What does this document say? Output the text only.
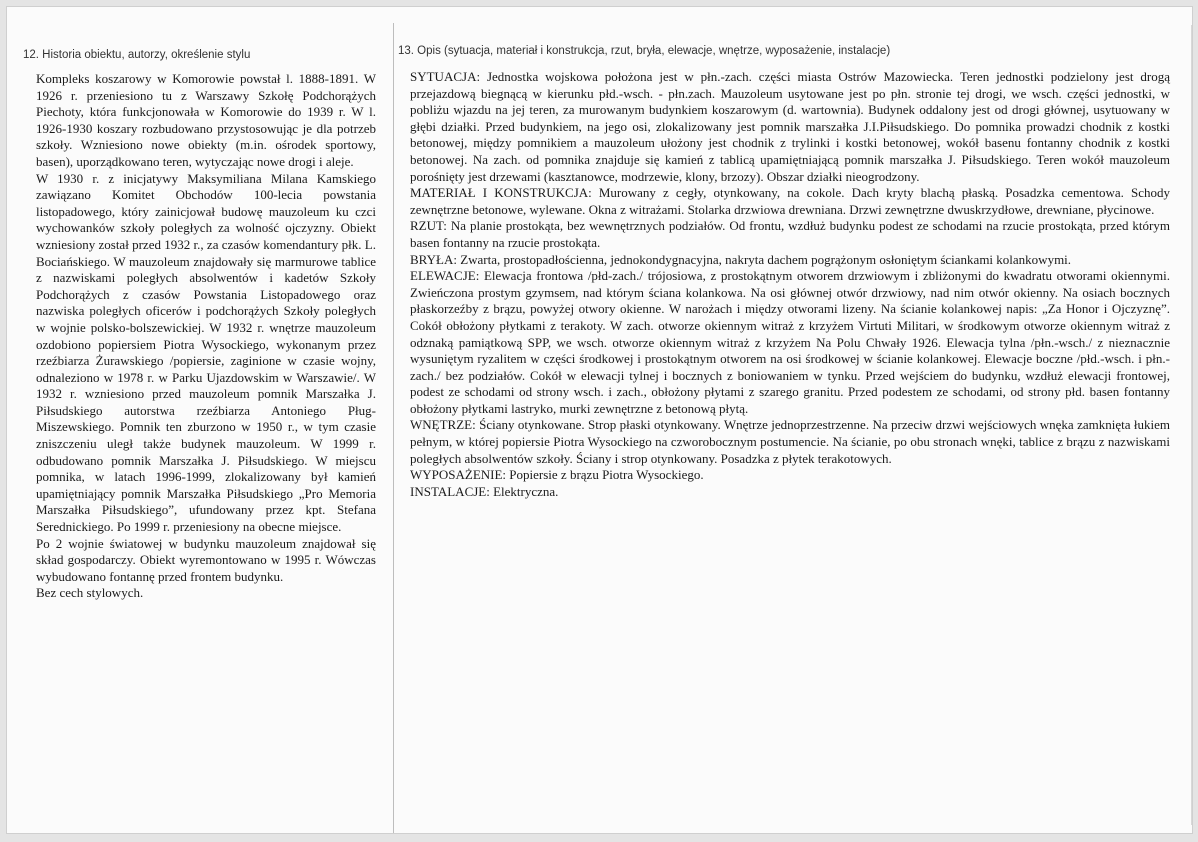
12. Historia obiektu, autorzy, określenie stylu	13. Opis (sytuacja, materiał i konstrukcja, rzut, bryła, elewacje, wnętrze, wyposażenie, instalacje)

Kompleks koszarowy w Komorowie powstał l. 1888-1891. W 1926 r. przeniesiono tu z Warszawy Szkołę Podchorążych Piechoty, która funkcjonowała w Komorowie do 1939 r. W l. 1926-1930 koszary rozbudowano przystosowując je dla potrzeb szkoły. Wzniesiono nowe obiekty (m.in. ośrodek sportowy, basen), uporządkowano teren, wytyczając nowe drogi i aleje.

W 1930 r. z inicjatywy Maksymiliana Milana Kamskiego zawiązano Komitet Obchodów 100-lecia powstania listopadowego, który zainicjował budowę mauzoleum ku czci wychowanków szkoły poległych za wolność ojczyzny. Obiekt wzniesiony został przed 1932 r., za czasów komendantury płk. L. Bociańskiego. W mauzoleum znajdowały się marmurowe tablice z nazwiskami poległych absolwentów i kadetów Szkoły Podchorążych z czasów Powstania Listopadowego oraz nazwiska poległych oficerów i podchorążych Szkoły poległych w wojnie polsko-bolszewickiej. W 1932 r. wnętrze mauzoleum ozdobiono popiersiem Piotra Wysockiego, wykonanym przez rzeźbiarza Żurawskiego /popiersie, zaginione w czasie wojny, odnaleziono w 1978 r. w Parku Ujazdowskim w Warszawie/. W 1932 r. wzniesiono przed mauzoleum pomnik Marszałka J. Piłsudskiego autorstwa rzeźbiarza Antoniego Pług-Miszewskiego. Pomnik ten zburzono w 1950 r., w tym czasie zniszczeniu uległ także budynek mauzoleum. W 1999 r. odbudowano pomnik Marszałka J. Piłsudskiego. W miejscu pomnika, w latach 1996-1999, zlokalizowany był kamień upamiętniający pomnik Marszałka Piłsudskiego „Pro Memoria Marszałka Piłsudskiego”, ufundowany przez kpt. Stefana Serednickiego. Po 1999 r. przeniesiony na obecne miejsce.

Po 2 wojnie światowej w budynku mauzoleum znajdował się skład gospodarczy. Obiekt wyremontowano w 1995 r. Wówczas wybudowano fontannę przed frontem budynku.

Bez cech stylowych.

SYTUACJA: Jednostka wojskowa położona jest w płn.-zach. części miasta Ostrów Mazowiecka. Teren jednostki podzielony jest drogą przejazdową biegnącą w kierunku płd.-wsch. - płn.zach. Mauzoleum usytowane jest po płn. stronie tej drogi, we wsch. części jednostki, w pobliżu wjazdu na jej teren, za murowanym budynkiem koszarowym (d. wartownia). Budynek oddalony jest od drogi głównej, usytuowany w głębi działki. Przed budynkiem, na jego osi, zlokalizowany jest pomnik marszałka J.I.Piłsudskiego. Do pomnika prowadzi chodnik z kostki betonowej, między pomnikiem a mauzoleum ułożony jest chodnik z trylinki i kostki betonowej, wokół basenu fontanny chodnik z kostki betonowej. Na zach. od pomnika znajduje się kamień z tablicą upamiętniającą pomnik marszałka J. Piłsudskiego. Teren wokół mauzoleum porośnięty jest drzewami (kasztanowce, modrzewie, klony, brzozy). Obszar działki nieogrodzony.

MATERIAŁ I KONSTRUKCJA: Murowany z cegły, otynkowany, na cokole. Dach kryty blachą płaską. Posadzka cementowa. Schody zewnętrzne betonowe, wylewane. Okna z witrażami. Stolarka drzwiowa drewniana. Drzwi zewnętrzne dwuskrzydłowe, drewniane, płycinowe.

RZUT: Na planie prostokąta, bez wewnętrznych podziałów. Od frontu, wzdłuż budynku podest ze schodami na rzucie prostokąta, przed którym basen fontanny na rzucie prostokąta.

BRYŁA: Zwarta, prostopadłościenna, jednokondygnacyjna, nakryta dachem pogrążonym osłoniętym ściankami kolankowymi.

ELEWACJE: Elewacja frontowa /płd-zach./ trójosiowa, z prostokątnym otworem drzwiowym i zbliżonymi do kwadratu otworami okiennymi. Zwieńczona prostym gzymsem, nad którym ściana kolankowa. Na osi głównej otwór drzwiowy, nad nim otwór okienny. Na osiach bocznych płaskorzeźby z brązu, powyżej otwory okienne. W narożach i między otworami lizeny. Na ścianie kolankowej napis: „Za Honor i Ojczyznę”. Cokół obłożony płytkami z terakoty. W zach. otworze okiennym witraż z krzyżem Virtuti Militari, w środkowym otworze okiennym witraż z odznaką pamiątkową SPP, we wsch. otworze okiennym witraż z krzyżem Na Polu Chwały 1926. Elewacja tylna /płn.-wsch./ z nieznacznie wysuniętym ryzalitem w części środkowej i prostokątnym otworem na osi środkowej w ścianie kolankowej. Elewacje boczne /płd.-wsch. i płn.-zach./ bez podziałów. Cokół w elewacji tylnej i bocznych z boniowaniem w tynku. Przed wejściem do budynku, wzdłuż elewacji frontowej, podest ze schodami od strony wsch. i zach., obłożony płytami z szarego granitu. Przed podestem ze schodami, od strony płd. basen fontanny obłożony płytkami lastryko, murki zewnętrzne z betonową płytą.

WNĘTRZE: Ściany otynkowane. Strop płaski otynkowany. Wnętrze jednoprzestrzenne. Na przeciw drzwi wejściowych wnęka zamknięta łukiem pełnym, w której popiersie Piotra Wysockiego na czworobocznym postumencie. Na ścianie, po obu stronach wnęki, tablice z brązu z nazwiskami poległych absolwentów szkoły. Ściany i strop otynkowany. Posadzka z płytek terakotowych.

WYPOSAŻENIE: Popiersie z brązu Piotra Wysockiego.

INSTALACJE: Elektryczna.
